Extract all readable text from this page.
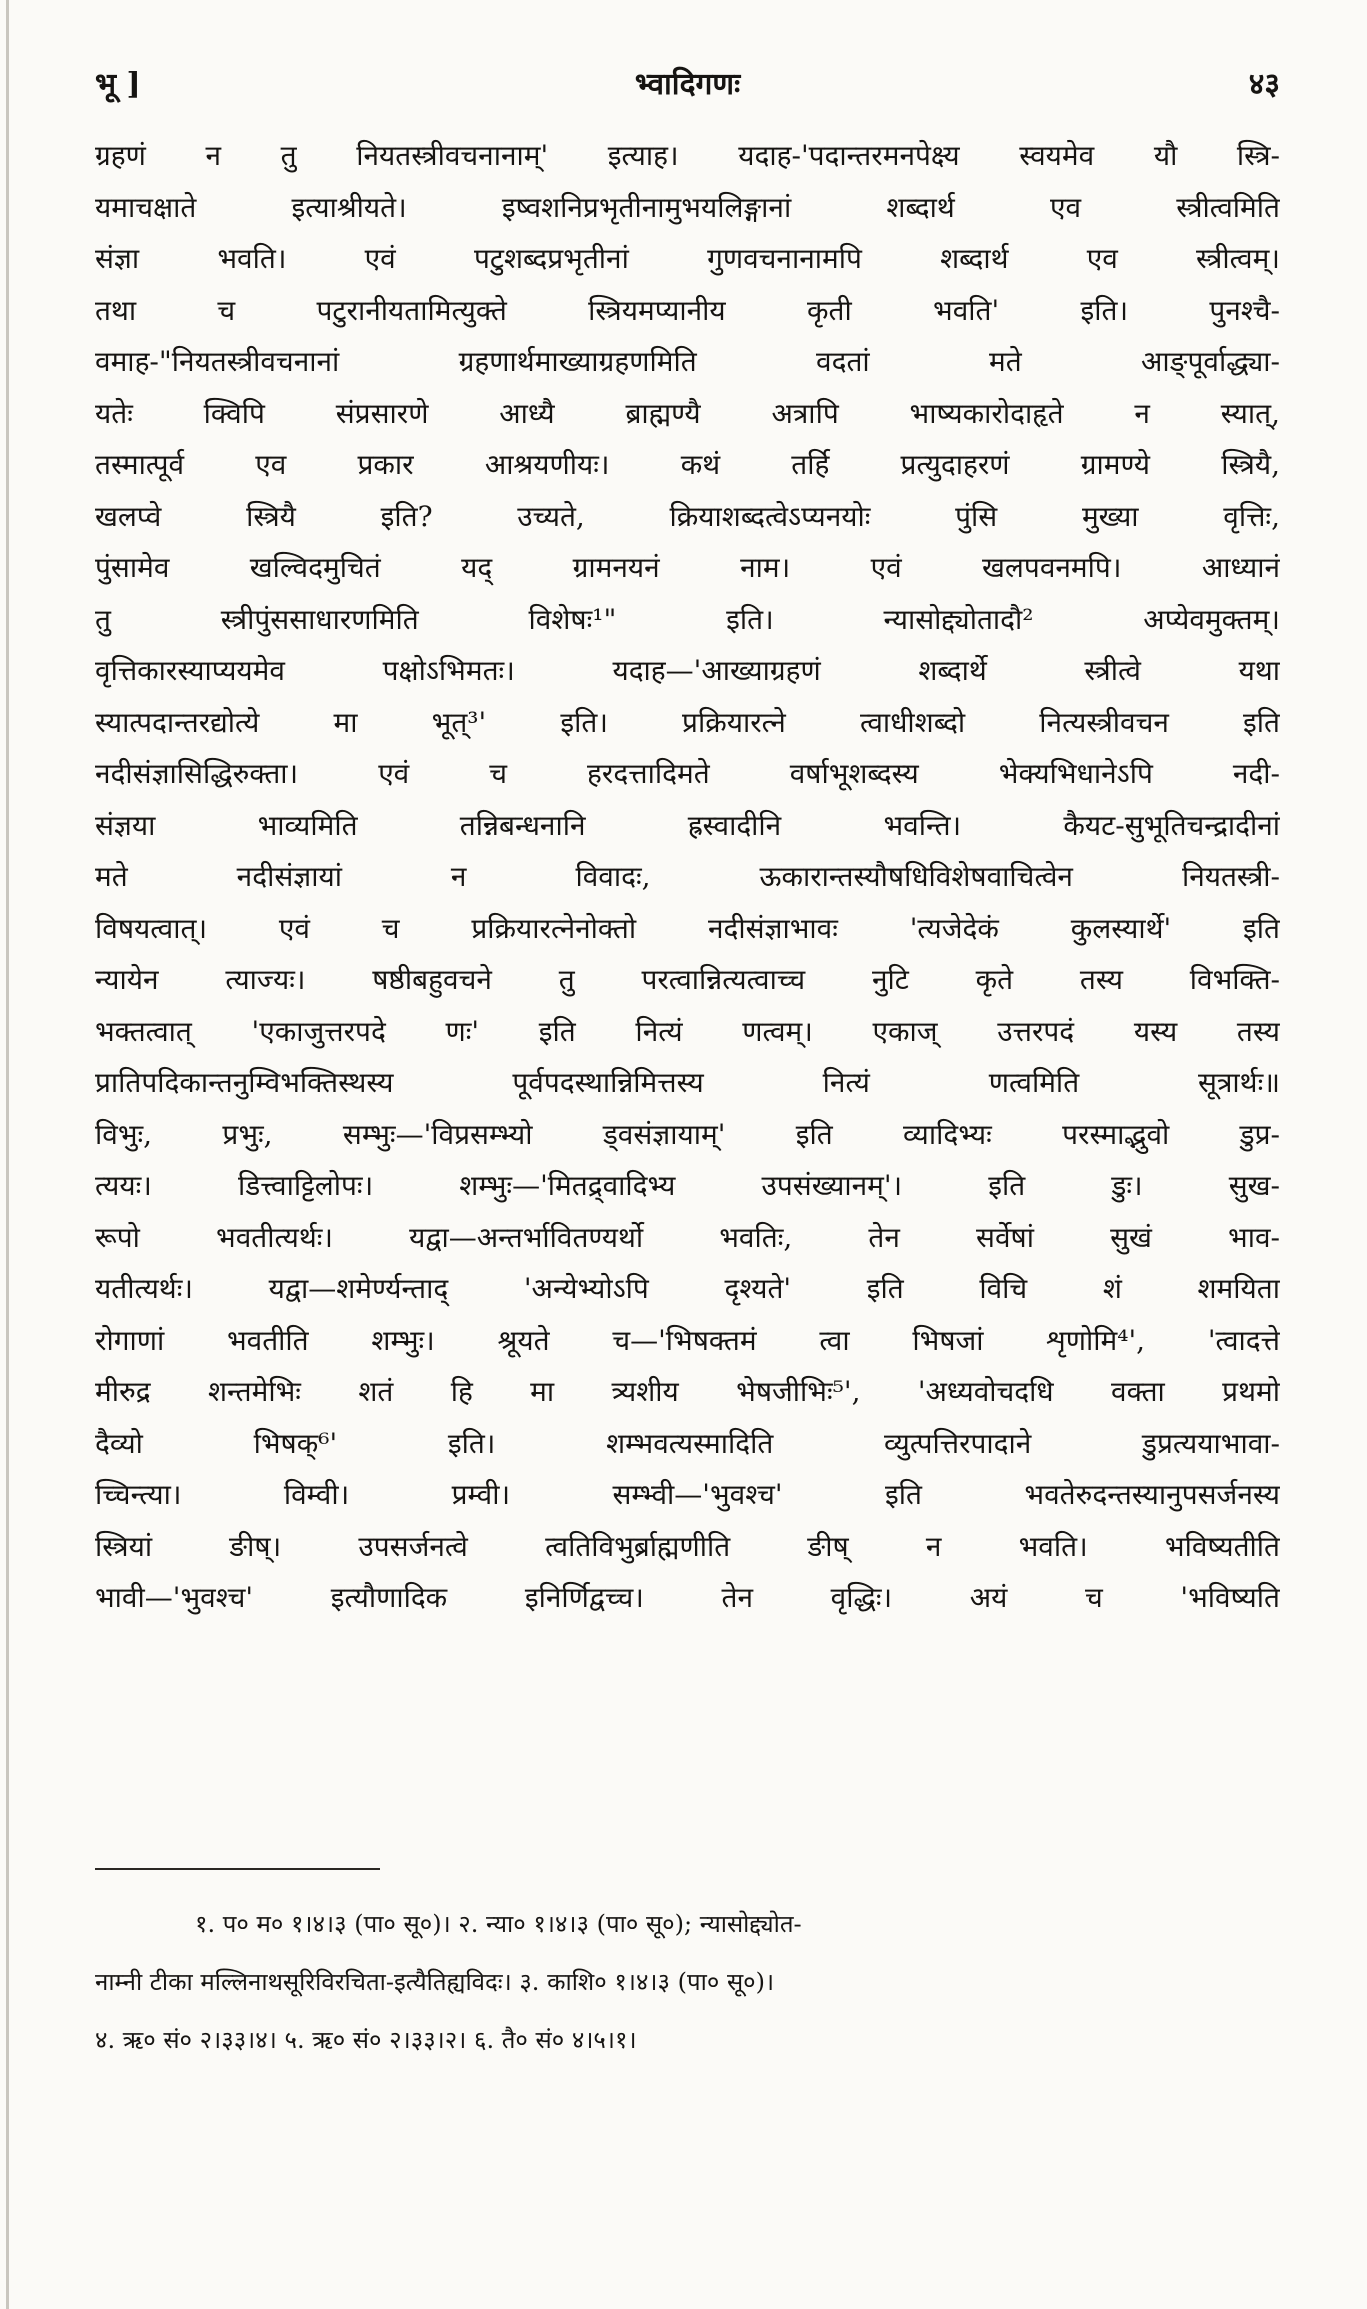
भू ]	भ्वादिगणः	४३
ग्रहणं न तु नियतस्त्रीवचनानाम्' इत्याह। यदाह-'पदान्तरमनपेक्ष्य स्वयमेव यौ स्त्रि-
यमाचक्षाते इत्याश्रीयते। इष्वशनिप्रभृतीनामुभयलिङ्गानां शब्दार्थ एव स्त्रीत्वमिति
संज्ञा भवति। एवं पटुशब्दप्रभृतीनां गुणवचनानामपि शब्दार्थ एव स्त्रीत्वम्।
तथा च पटुरानीयतामित्युक्ते स्त्रियमप्यानीय कृती भवति' इति। पुनश्चै-
वमाह-"नियतस्त्रीवचनानां ग्रहणार्थमाख्याग्रहणमिति वदतां मते आङ्पूर्वाद्ध्या-
यतेः क्विपि संप्रसारणे आध्यै ब्राह्मण्यै अत्रापि भाष्यकारोदाहृते न स्यात्,
तस्मात्पूर्व एव प्रकार आश्रयणीयः। कथं तर्हि प्रत्युदाहरणं ग्रामण्ये स्त्रियै,
खलप्वे स्त्रियै इति? उच्यते, क्रियाशब्दत्वेऽप्यनयोः पुंसि मुख्या वृत्तिः,
पुंसामेव खल्विदमुचितं यद् ग्रामनयनं नाम। एवं खलपवनमपि। आध्यानं
तु स्त्रीपुंससाधारणमिति विशेषः¹" इति। न्यासोद्द्योतादौ² अप्येवमुक्तम्।
वृत्तिकारस्याप्ययमेव पक्षोऽभिमतः। यदाह—'आख्याग्रहणं शब्दार्थे स्त्रीत्वे यथा
स्यात्पदान्तरद्योत्ये मा भूत्³' इति। प्रक्रियारत्ने त्वाधीशब्दो नित्यस्त्रीवचन इति
नदीसंज्ञासिद्धिरुक्ता। एवं च हरदत्तादिमते वर्षाभूशब्दस्य भेक्यभिधानेऽपि नदी-
संज्ञया भाव्यमिति तन्निबन्धनानि ह्रस्वादीनि भवन्ति। कैयट-सुभूतिचन्द्रादीनां
मते नदीसंज्ञायां न विवादः, ऊकारान्तस्यौषधिविशेषवाचित्वेन नियतस्त्री-
विषयत्वात्। एवं च प्रक्रियारत्नेनोक्तो नदीसंज्ञाभावः 'त्यजेदेकं कुलस्यार्थे' इति
न्यायेन त्याज्यः। षष्ठीबहुवचने तु परत्वान्नित्यत्वाच्च नुटि कृते तस्य विभक्ति-
भक्तत्वात् 'एकाजुत्तरपदे णः' इति नित्यं णत्वम्। एकाज् उत्तरपदं यस्य तस्य
प्रातिपदिकान्तनुम्विभक्तिस्थस्य पूर्वपदस्थान्निमित्तस्य नित्यं णत्वमिति सूत्रार्थः॥
विभुः, प्रभुः, सम्भुः—'विप्रसम्भ्यो ड्वसंज्ञायाम्' इति व्यादिभ्यः परस्माद्भुवो डुप्र-
त्ययः। डित्त्वाट्टिलोपः। शम्भुः—'मितद्र्वादिभ्य उपसंख्यानम्'। इति डुः। सुख-
रूपो भवतीत्यर्थः। यद्वा—अन्तर्भावितण्यर्थो भवतिः, तेन सर्वेषां सुखं भाव-
यतीत्यर्थः। यद्वा—शमेर्ण्यन्ताद् 'अन्येभ्योऽपि दृश्यते' इति विचि शं शमयिता
रोगाणां भवतीति शम्भुः। श्रूयते च—'भिषक्तमं त्वा भिषजां शृणोमि⁴', 'त्वादत्ते
मीरुद्र शन्तमेभिः शतं हि मा त्र्यशीय भेषजीभिः⁵', 'अध्यवोचदधि वक्ता प्रथमो
दैव्यो भिषक्⁶' इति। शम्भवत्यस्मादिति व्युत्पत्तिरपादाने डुप्रत्ययाभावा-
च्चिन्त्या। विम्वी। प्रम्वी। सम्भ्वी—'भुवश्च' इति भवतेरुदन्तस्यानुपसर्जनस्य
स्त्रियां ङीष्। उपसर्जनत्वे त्वतिविभुर्ब्राह्मणीति ङीष् न भवति। भविष्यतीति
भावी—'भुवश्च' इत्यौणादिक इनिर्णिद्वच्च। तेन वृद्धिः। अयं च 'भविष्यति
१. प० म० १।४।३ (पा० सू०)। २. न्या० १।४।३ (पा० सू०); न्यासोद्द्योत-
नाम्नी टीका मल्लिनाथसूरिविरचिता-इत्यैतिह्यविदः। ३. काशि० १।४।३ (पा० सू०)।
४. ऋ० सं० २।३३।४। ५. ऋ० सं० २।३३।२। ६. तै० सं० ४।५।१।
